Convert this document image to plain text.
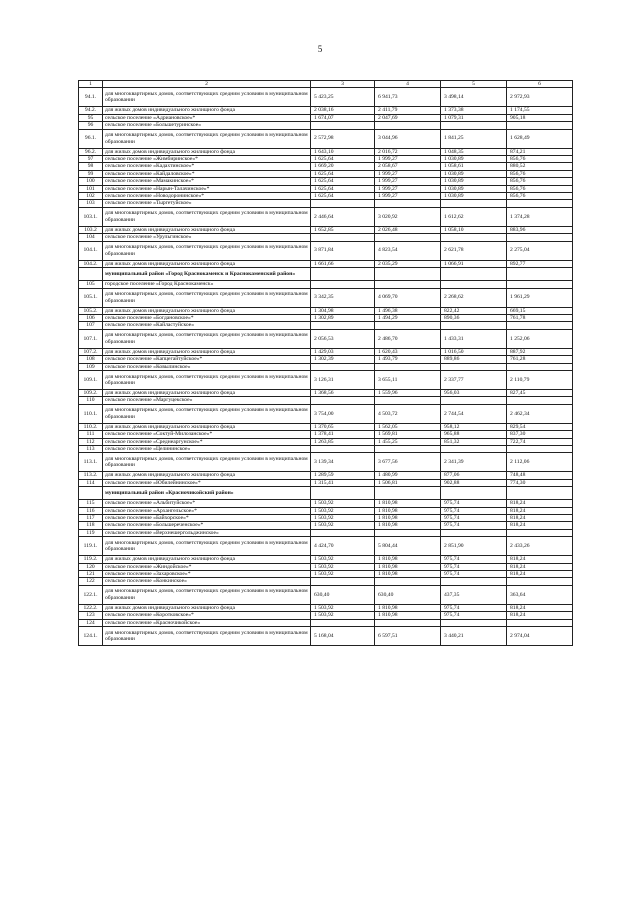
5
1	2	3	4	5	6
94.1.	для многоквартирных домов, соответствующих средним условиям в муниципальном образовании	5 423,25	6 941,73	3 498,14	2 972,93
94.2.	для жилых домов индивидуального жилищного фонда	2 038,16	2 411,79	1 373,38	1 174,55
95	сельское поселение «Адриановское»*	1 674,07	2 047,69	1 079,31	905,18
96	сельское поселение «Большетуринское»				
96.1.	для многоквартирных домов, соответствующих средним условиям в муниципальном образовании	2 572,98	3 044,96	1 841,25	1 628,49
96.2.	для жилых домов индивидуального жилищного фонда	1 643,10	2 016,72	1 048,35	874,21
97	сельское поселение «Жимбиринское»*	1 625,64	1 999,27	1 030,89	856,76
98	сельское поселение «Кадахтинское»*	1 669,20	2 058,67	1 058,61	880,52
99	сельское поселение «Кайдаловское»*	1 625,64	1 999,27	1 030,89	856,76
100	сельское поселение «Мамакинское»*	1 625,64	1 999,27	1 030,89	856,76
101	сельское поселение «Нарын-Талачинское»*	1 625,64	1 999,27	1 030,89	856,76
102	сельское поселение «Новодоронинское»*	1 625,64	1 999,27	1 030,89	856,76
103	сельское поселение «Тыргетуйское»				
103.1.	для многоквартирных домов, соответствующих средним условиям в муниципальном образовании	2 446,64	3 020,92	1 612,62	1 374,28
103.2	для жилых домов индивидуального жилищного фонда	1 652,85	2 026,48	1 058,10	883,96
104	сельское поселение «Урульгинское»				
104.1.	для многоквартирных домов, соответствующих средним условиям в муниципальном образовании	3 871,84	4 823,54	2 621,78	2 275,04
104.2.	для жилых домов индивидуального жилищного фонда	1 661,66	2 035,29	1 066,91	892,77
	муниципальный район «Город Краснокаменск и Краснокаменский район»				
105	городское поселение «Город Краснокаменск»				
105.1.	для многоквартирных домов, соответствующих средним условиям в муниципальном образовании	3 342,35	4 069,70	2 268,62	1 961,29
105.2.	для жилых домов индивидуального жилищного фонда	1 304,98	1 496,38	822,42	669,15
106	сельское поселение «Богдановское»*	1 302,89	1 494,29	890,36	761,78
107	сельское поселение «Кайластуйское»				
107.1.	для многоквартирных домов, соответствующих средним условиям в муниципальном образовании	2 056,53	2 486,70	1 433,31	1 252,06
107.2.	для жилых домов индивидуального жилищного фонда	1 429,03	1 620,43	1 016,50	887,92
108	сельское поселение «Капцегайтуйское»*	1 302,39	1 493,79	889,86	761,28
109	сельское поселение «Ковылинское»				
109.1.	для многоквартирных домов, соответствующих средним условиям в муниципальном образовании	3 126,31	3 655,11	2 337,77	2 110,79
109.2.	для жилых домов индивидуального жилищного фонда	1 368,56	1 559,96	956,03	827,45
110	сельское поселение «Маргуцекское»				
110.1.	для многоквартирных домов, соответствующих средним условиям в муниципальном образовании	3 754,00	4 503,72	2 744,54	2 462,34
110.2.	для жилых домов индивидуального жилищного фонда	1 370,65	1 562,05	958,12	829,54
111	сельское поселение «Соктуй-Милозанское»*	1 378,41	1 569,81	965,88	837,30
112	сельское поселение «Среднеаргунское»*	1 263,85	1 455,25	851,32	722,74
113	сельское поселение «Целининское»				
113.1.	для многоквартирных домов, соответствующих средним условиям в муниципальном образовании	3 139,34	3 677,56	2 341,39	2 112,06
113.2.	для жилых домов индивидуального жилищного фонда	1 289,59	1 480,99	877,06	748,48
114	сельское поселение «Юбилейнинское»*	1 315,41	1 506,81	902,88	774,30
	муниципальный район «Красночикойский район»				
115	сельское поселение «Альбитуйское»*	1 503,92	1 810,98	975,74	818,24
116	сельское поселение «Архангельское»*	1 503,92	1 810,98	975,74	818,24
117	сельское поселение «Байхорское»*	1 503,92	1 810,98	975,74	818,24
118	сельское поселение «Большереченское»*	1 503,92	1 810,98	975,74	818,24
119	сельское поселение «Верхнешергольджинское»				
119.1.	для многоквартирных домов, соответствующих средним условиям в муниципальном образовании	4 424,70	5 804,44	2 851,90	2 433,26
119.2.	для жилых домов индивидуального жилищного фонда	1 503,92	1 810,98	975,74	818,24
120	сельское поселение «Жиндойское»*	1 503,92	1 810,98	975,74	818,24
121	сельское поселение «Захаровское»*	1 503,92	1 810,98	975,74	818,24
122	сельское поселение «Конкинское»				
122.1.	для многоквартирных домов, соответствующих средним условиям в муниципальном образовании	630,40	630,40	437,35	363,64
122.2.	для жилых домов индивидуального жилищного фонда	1 503,92	1 810,98	975,74	818,24
123	сельское поселение «Коротковское»*	1 503,92	1 810,98	975,74	818,24
124	сельское поселение «Красночикойское»				
124.1.	для многоквартирных домов, соответствующих средним условиям в муниципальном образовании	5 168,04	6 597,51	3 440,21	2 974,04
